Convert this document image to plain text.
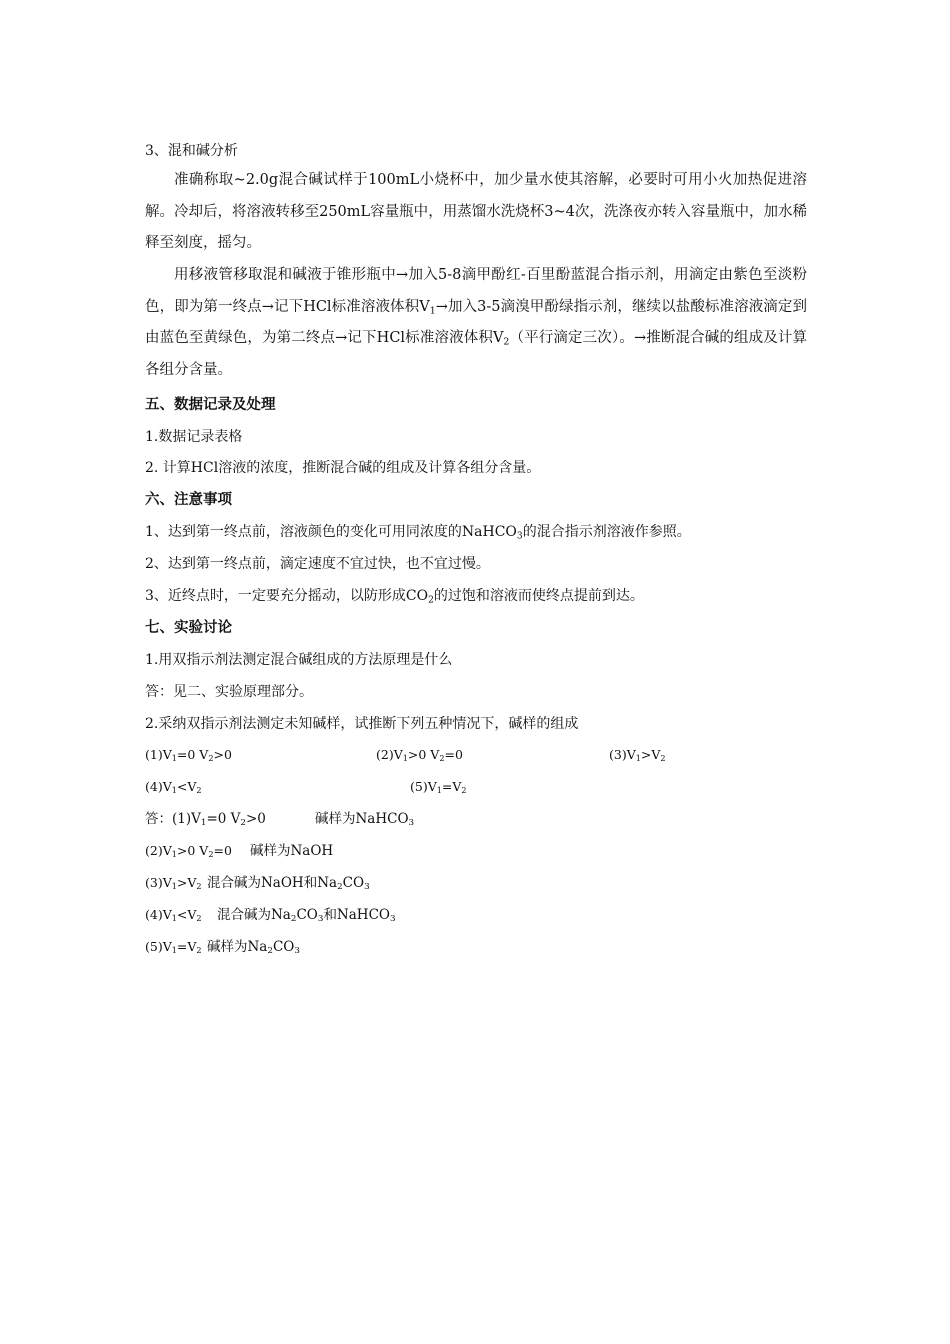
3、混和碱分析
准确称取~2.0g混合碱试样于100mL小烧杯中，加少量水使其溶解，必要时可用小火加热促进溶解。冷却后，将溶液转移至250mL容量瓶中，用蒸馏水洗烧杯3~4次，洗涤夜亦转入容量瓶中，加水稀释至刻度，摇匀。
用移液管移取混和碱液于锥形瓶中→加入5-8滴甲酚红-百里酚蓝混合指示剂，用滴定由紫色至淡粉色，即为第一终点→记下HCl标准溶液体积$V_1\to$加入3-5滴溴甲酚绿指示剂，继续以盐酸标准溶液滴定到由蓝色至黄绿色，为第二终点→记下HCl标准溶液体积$V_2$（平行滴定三次）。→推断混合碱的组成及计算各组分含量。
五、数据记录及处理
1.数据记录表格
2. 计算HCl溶液的浓度，推断混合碱的组成及计算各组分含量。
六、注意事项
1、达到第一终点前，溶液颜色的变化可用同浓度的NaHCO$_3$的混合指示剂溶液作参照。
2、达到第一终点前，滴定速度不宜过快，也不宜过慢。
3、近终点时，一定要充分摇动，以防形成$CO_2$的过饱和溶液而使终点提前到达。
七、实验讨论
1.用双指示剂法测定混合碱组成的方法原理是什么
答：见二、实验原理部分。
2.采纳双指示剂法测定未知碱样，试推断下列五种情况下，碱样的组成
$(1)V_1=0$ $V_2>0$	$(2)V_1>0$ $V_2=0$	$(3)V_1>V_2$
$(4)V_1<V_2$	$(5)V_1=V_2$
答：$(1)V_1=0$ $V_2>0$	碱样为NaHCO$_3$
$(2)V_1>0$ $V_2=0$ 碱样为NaOH
$(3)V_1>V_2$ 混合碱为NaOH和$Na_2CO_3$
$(4)V_1<V_2$ 混合碱为$Na_2CO_3$和NaHCO$_3$
$(5)V_1=V_2$ 碱样为$Na_2CO_3$
